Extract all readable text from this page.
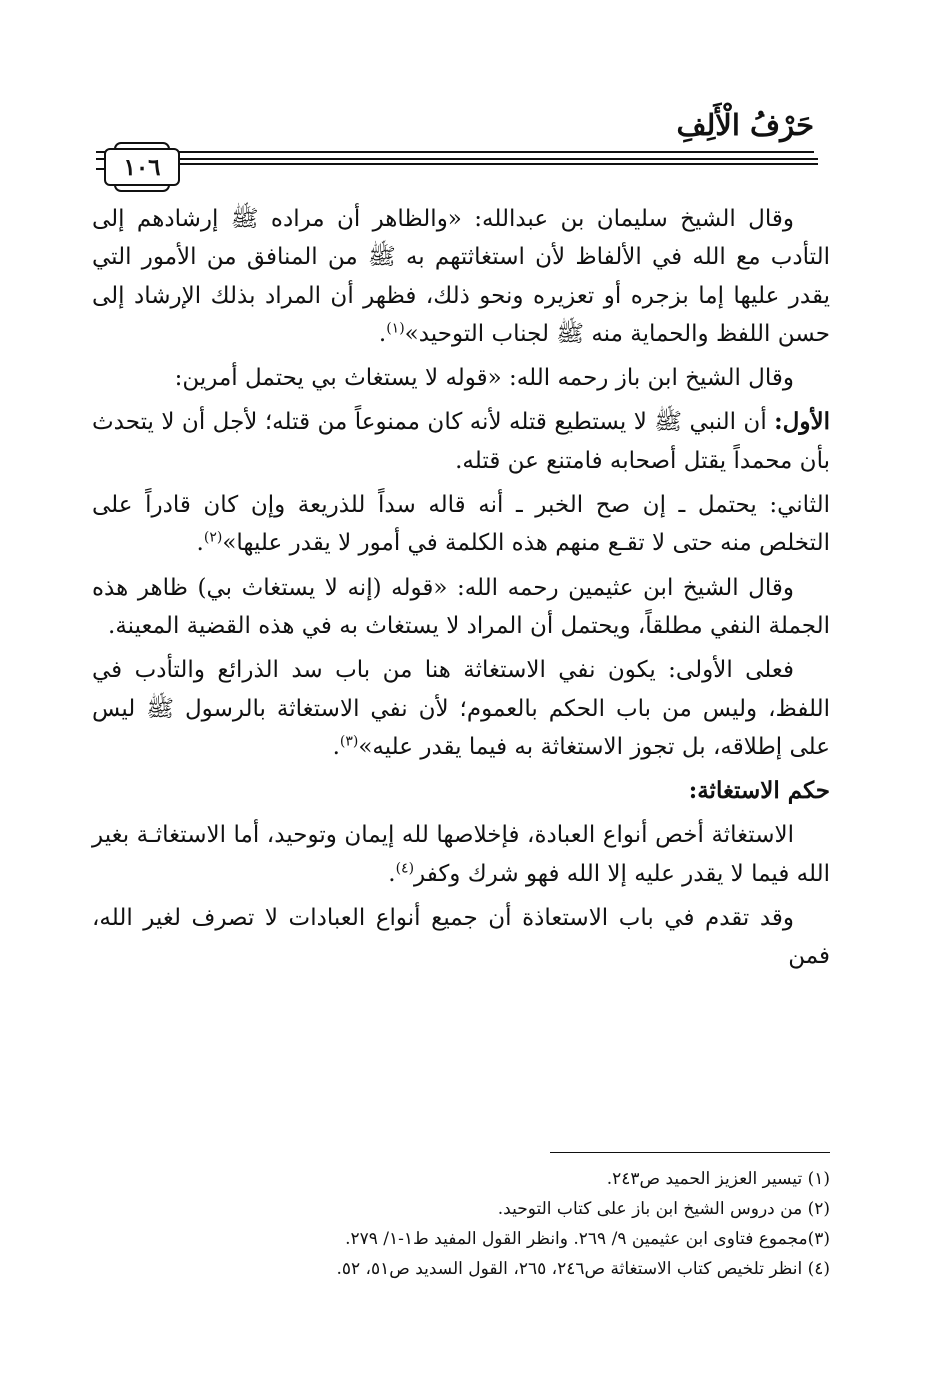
حَرْفُ الْأَلِفِ
١٠٦

وقال الشيخ سليمان بن عبدالله: «والظاهر أن مراده ﷺ إرشادهم إلى التأدب مع الله في الألفاظ لأن استغاثتهم به ﷺ من المنافق من الأمور التي يقدر عليها إما بزجره أو تعزيره ونحو ذلك، فظهر أن المراد بذلك الإرشاد إلى حسن اللفظ والحماية منه ﷺ لجناب التوحيد»$^{(١)}$.

وقال الشيخ ابن باز رحمه الله: «قوله لا يستغاث بي يحتمل أمرين:

الأول: أن النبي ﷺ لا يستطيع قتله لأنه كان ممنوعاً من قتله؛ لأجل أن لا يتحدث بأن محمداً يقتل أصحابه فامتنع عن قتله.

الثاني: يحتمل ـ إن صح الخبر ـ أنه قاله سداً للذريعة وإن كان قادراً على التخلص منه حتى لا تقـع منهم هذه الكلمة في أمور لا يقدر عليها»$^{(٢)}$.

وقال الشيخ ابن عثيمين رحمه الله: «قوله (إنه لا يستغاث بي) ظاهر هذه الجملة النفي مطلقاً، ويحتمل أن المراد لا يستغاث به في هذه القضية المعينة.

فعلى الأولى: يكون نفي الاستغاثة هنا من باب سد الذرائع والتأدب في اللفظ، وليس من باب الحكم بالعموم؛ لأن نفي الاستغاثة بالرسول ﷺ ليس على إطلاقه، بل تجوز الاستغاثة به فيما يقدر عليه»$^{(٣)}$.

حكم الاستغاثة:

الاستغاثة أخص أنواع العبادة، فإخلاصها لله إيمان وتوحيد، أما الاستغاثـة بغير الله فيما لا يقدر عليه إلا الله فهو شرك وكفر$^{(٤)}$.

وقد تقدم في باب الاستعاذة أن جميع أنواع العبادات لا تصرف لغير الله، فمن

(١) تيسير العزيز الحميد ص٢٤٣.

(٢) من دروس الشيخ ابن باز على كتاب التوحيد.

(٣)مجموع فتاوى ابن عثيمين ٩/ ٢٦٩. وانظر القول المفيد ط١-١/ ٢٧٩.

(٤) انظر تلخيص كتاب الاستغاثة ص٢٤٦، ٢٦٥، القول السديد ص٥١، ٥٢.
